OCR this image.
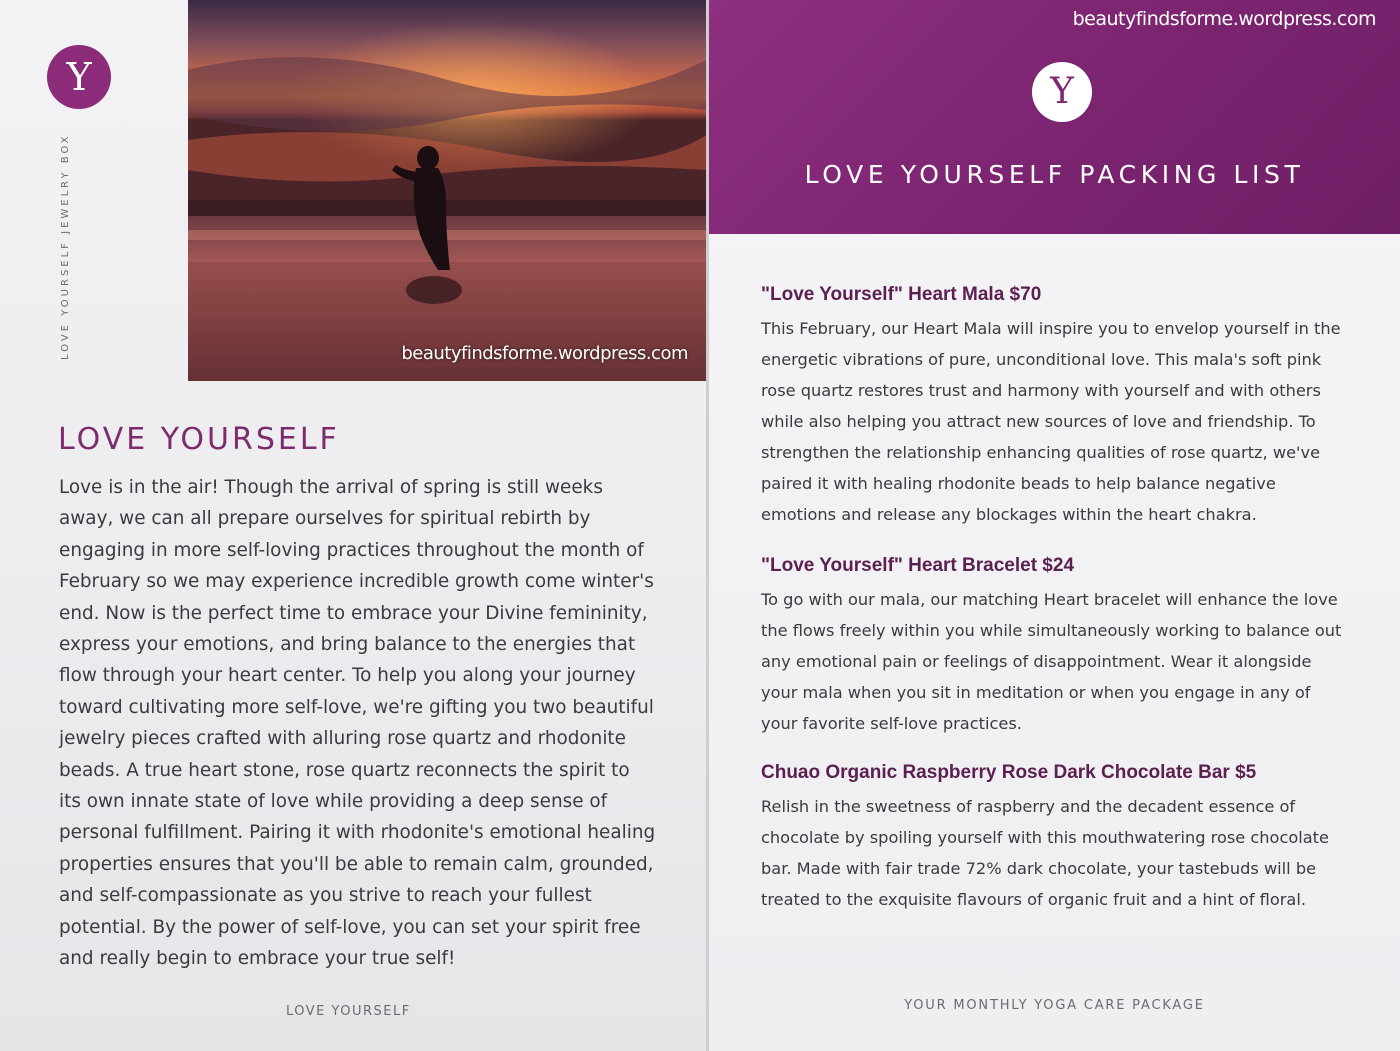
Y
LOVE YOURSELF JEWELRY BOX	beautyfindsforme.wordpress.com
LOVE YOURSELF

Love is in the air! Though the arrival of spring is still weeks away, we can all prepare ourselves for spiritual rebirth by engaging in more self-loving practices throughout the month of February so we may experience incredible growth come winter's end. Now is the perfect time to embrace your Divine femininity, express your emotions, and bring balance to the energies that flow through your heart center. To help you along your journey toward cultivating more self-love, we're gifting you two beautiful jewelry pieces crafted with alluring rose quartz and rhodonite beads. A true heart stone, rose quartz reconnects the spirit to its own innate state of love while providing a deep sense of personal fulfillment. Pairing it with rhodonite's emotional healing properties ensures that you'll be able to remain calm, grounded, and self-compassionate as you strive to reach your fullest potential. By the power of self-love, you can set your spirit free and really begin to embrace your true self!

LOVE YOURSELF
beautyfindsforme.wordpress.com
Y
LOVE YOURSELF PACKING LIST
"Love Yourself" Heart Mala $70

This February, our Heart Mala will inspire you to envelop yourself in the energetic vibrations of pure, unconditional love. This mala's soft pink rose quartz restores trust and harmony with yourself and with others while also helping you attract new sources of love and friendship. To strengthen the relationship enhancing qualities of rose quartz, we've paired it with healing rhodonite beads to help balance negative emotions and release any blockages within the heart chakra.

"Love Yourself" Heart Bracelet $24

To go with our mala, our matching Heart bracelet will enhance the love the flows freely within you while simultaneously working to balance out any emotional pain or feelings of disappointment. Wear it alongside your mala when you sit in meditation or when you engage in any of your favorite self-love practices.

Chuao Organic Raspberry Rose Dark Chocolate Bar $5

Relish in the sweetness of raspberry and the decadent essence of chocolate by spoiling yourself with this mouthwatering rose chocolate bar. Made with fair trade 72% dark chocolate, your tastebuds will be treated to the exquisite flavours of organic fruit and a hint of floral.

YOUR MONTHLY YOGA CARE PACKAGE
